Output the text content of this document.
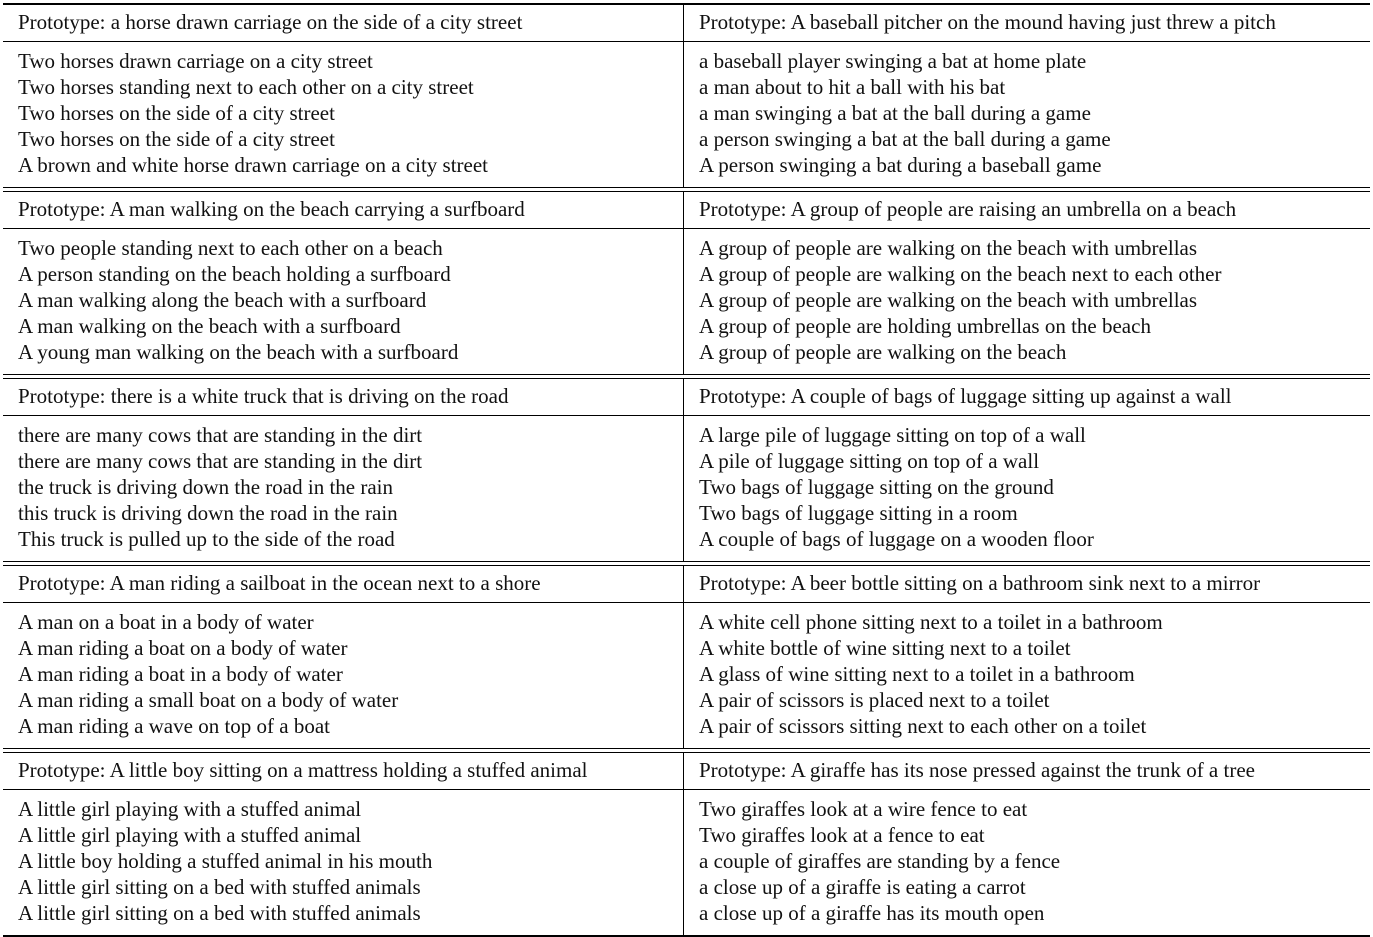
Prototype: a horse drawn carriage on the side of a city street
Two horses drawn carriage on a city street
Two horses standing next to each other on a city street
Two horses on the side of a city street
Two horses on the side of a city street
A brown and white horse drawn carriage on a city street
Prototype: A baseball pitcher on the mound having just threw a pitch
a baseball player swinging a bat at home plate
a man about to hit a ball with his bat
a man swinging a bat at the ball during a game
a person swinging a bat at the ball during a game
A person swinging a bat during a baseball game
Prototype: A man walking on the beach carrying a surfboard
Two people standing next to each other on a beach
A person standing on the beach holding a surfboard
A man walking along the beach with a surfboard
A man walking on the beach with a surfboard
A young man walking on the beach with a surfboard
Prototype: A group of people are raising an umbrella on a beach
A group of people are walking on the beach with umbrellas
A group of people are walking on the beach next to each other
A group of people are walking on the beach with umbrellas
A group of people are holding umbrellas on the beach
A group of people are walking on the beach
Prototype: there is a white truck that is driving on the road
there are many cows that are standing in the dirt
there are many cows that are standing in the dirt
the truck is driving down the road in the rain
this truck is driving down the road in the rain
This truck is pulled up to the side of the road
Prototype: A couple of bags of luggage sitting up against a wall
A large pile of luggage sitting on top of a wall
A pile of luggage sitting on top of a wall
Two bags of luggage sitting on the ground
Two bags of luggage sitting in a room
A couple of bags of luggage on a wooden floor
Prototype: A man riding a sailboat in the ocean next to a shore
A man on a boat in a body of water
A man riding a boat on a body of water
A man riding a boat in a body of water
A man riding a small boat on a body of water
A man riding a wave on top of a boat
Prototype: A beer bottle sitting on a bathroom sink next to a mirror
A white cell phone sitting next to a toilet in a bathroom
A white bottle of wine sitting next to a toilet
A glass of wine sitting next to a toilet in a bathroom
A pair of scissors is placed next to a toilet
A pair of scissors sitting next to each other on a toilet
Prototype: A little boy sitting on a mattress holding a stuffed animal
A little girl playing with a stuffed animal
A little girl playing with a stuffed animal
A little boy holding a stuffed animal in his mouth
A little girl sitting on a bed with stuffed animals
A little girl sitting on a bed with stuffed animals
Prototype: A giraffe has its nose pressed against the trunk of a tree
Two giraffes look at a wire fence to eat
Two giraffes look at a fence to eat
a couple of giraffes are standing by a fence
a close up of a giraffe is eating a carrot
a close up of a giraffe has its mouth open
